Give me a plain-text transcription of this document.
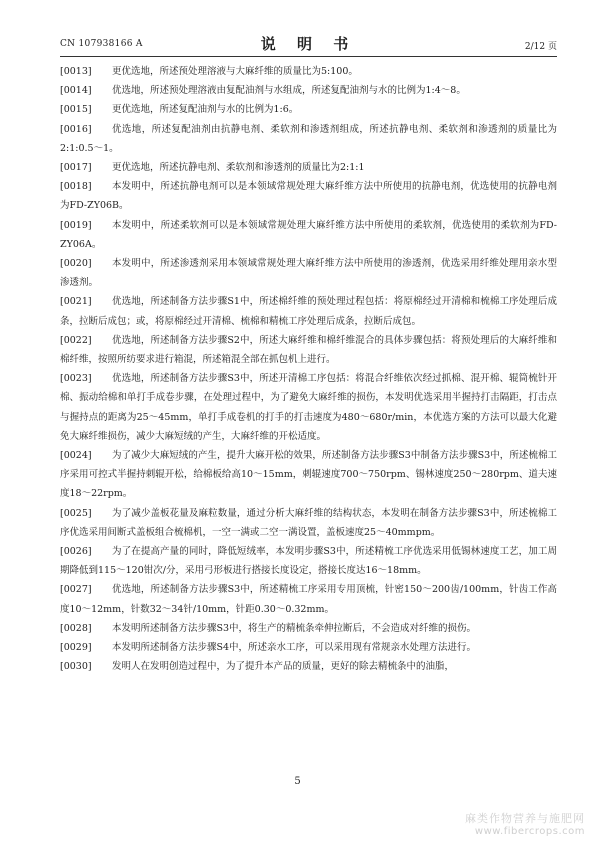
CN 107938166 A	说 明 书	2/12 页
[0013]	更优选地，所述预处理溶液与大麻纤维的质量比为5:100。
[0014]	优选地，所述预处理溶液由复配油剂与水组成，所述复配油剂与水的比例为1:4～8。
[0015]	更优选地，所述复配油剂与水的比例为1:6。
[0016]	优选地，所述复配油剂由抗静电剂、柔软剂和渗透剂组成，所述抗静电剂、柔软剂和渗透剂的质量比为2:1:0.5～1。
[0017]	更优选地，所述抗静电剂、柔软剂和渗透剂的质量比为2:1:1
[0018]	本发明中，所述抗静电剂可以是本领域常规处理大麻纤维方法中所使用的抗静电剂，优选使用的抗静电剂为FD-ZY06B。
[0019]	本发明中，所述柔软剂可以是本领域常规处理大麻纤维方法中所使用的柔软剂，优选使用的柔软剂为FD-ZY06A。
[0020]	本发明中，所述渗透剂采用本领域常规处理大麻纤维方法中所使用的渗透剂，优选采用纤维处理用亲水型渗透剂。
[0021]	优选地，所述制备方法步骤S1中，所述棉纤维的预处理过程包括：将原棉经过开清棉和梳棉工序处理后成条，拉断后成包；或，将原棉经过开清棉、梳棉和精梳工序处理后成条，拉断后成包。
[0022]	优选地，所述制备方法步骤S2中，所述大麻纤维和棉纤维混合的具体步骤包括：将预处理后的大麻纤维和棉纤维，按照所纺要求进行箱混，所述箱混全部在抓包机上进行。
[0023]	优选地，所述制备方法步骤S3中，所述开清棉工序包括：将混合纤维依次经过抓棉、混开棉、辊筒梳针开棉、振动给棉和单打手成卷步骤，在处理过程中，为了避免大麻纤维的损伤，本发明优选采用半握持打击隔距，打击点与握持点的距离为25～45mm，单打手成卷机的打手的打击速度为480～680r/min，本优选方案的方法可以最大化避免大麻纤维损伤，减少大麻短绒的产生，大麻纤维的开松适度。
[0024]	为了减少大麻短绒的产生，提升大麻开松的效果，所述制备方法步骤S3中制备方法步骤S3中，所述梳棉工序采用可控式半握持刺辊开松，给棉板给高10～15mm，刺辊速度700～750rpm、锡林速度250～280rpm、道夫速度18～22rpm。
[0025]	为了减少盖板花量及麻粒数量，通过分析大麻纤维的结构状态，本发明在制备方法步骤S3中，所述梳棉工序优选采用间断式盖板组合梳棉机，一空一满或二空一满设置，盖板速度25～40mmpm。
[0026]	为了在提高产量的同时，降低短绒率，本发明步骤S3中，所述精梳工序优选采用低锡林速度工艺，加工周期降低到115～120钳次/分，采用弓形板进行搭接长度设定，搭接长度达16～18mm。
[0027]	优选地，所述制备方法步骤S3中，所述精梳工序采用专用顶梳，针密150～200齿/100mm，针齿工作高度10～12mm，针数32～34针/10mm，针距0.30～0.32mm。
[0028]	本发明所述制备方法步骤S3中，将生产的精梳条牵伸拉断后，不会造成对纤维的损伤。
[0029]	本发明所述制备方法步骤S4中，所述亲水工序，可以采用现有常规亲水处理方法进行。
[0030]	发明人在发明创造过程中，为了提升本产品的质量，更好的除去精梳条中的油脂，
5
麻类作物营养与施肥网
www.fibercrops.com
